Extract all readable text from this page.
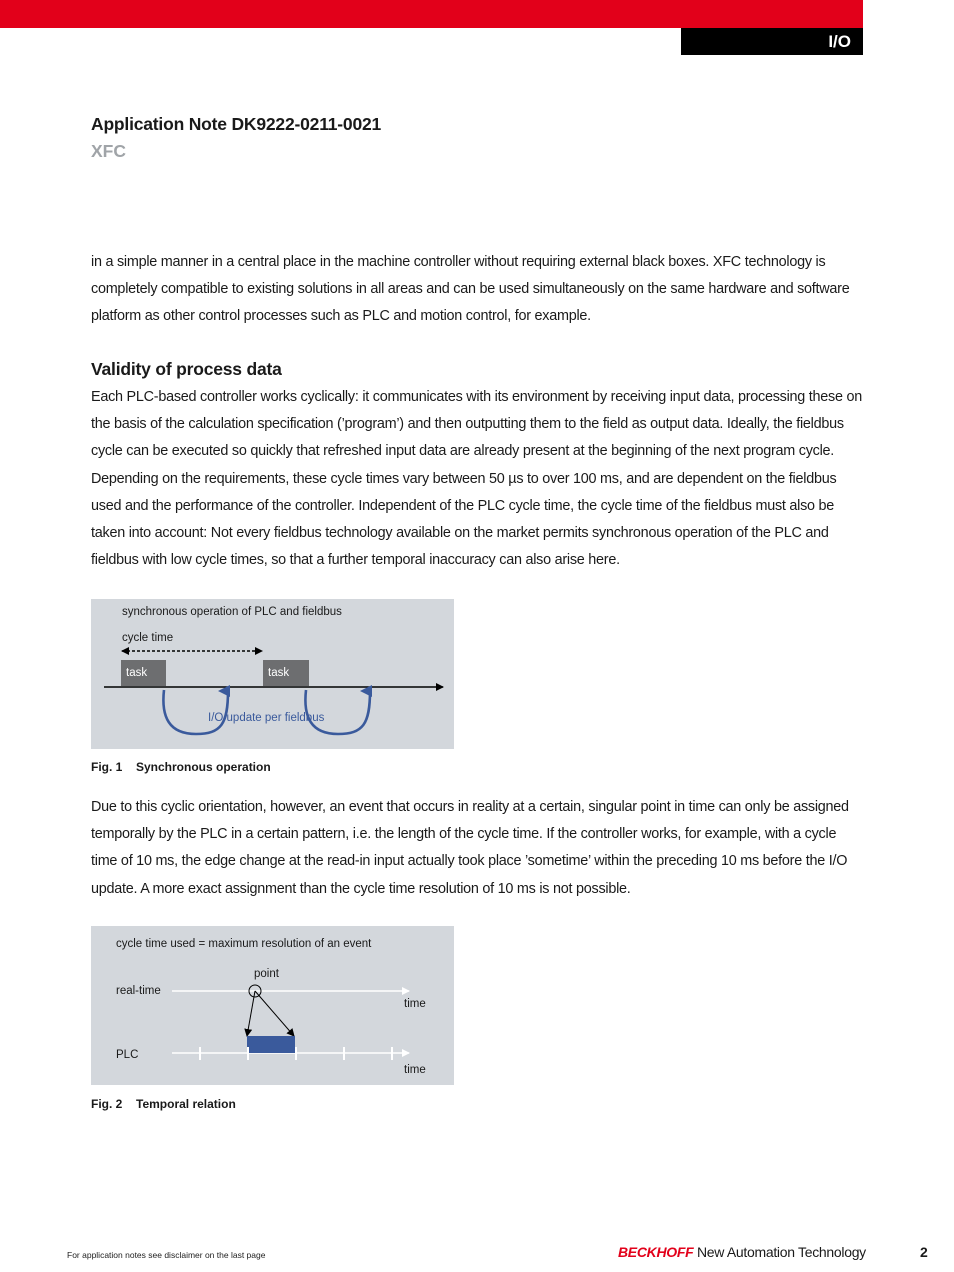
I/O
Application Note DK9222-0211-0021
XFC

in a simple manner in a central place in the machine controller without requiring external black boxes. XFC technology is completely compatible to existing solutions in all areas and can be used simultaneously on the same hardware and software platform as other control processes such as PLC and motion control, for example.

Validity of process data

Each PLC-based controller works cyclically: it communicates with its environment by receiving input data, processing these on the basis of the calculation specification (’program’) and then outputting them to the field as output data. Ideally, the fieldbus cycle can be executed so quickly that refreshed input data are already present at the beginning of the next program cycle. Depending on the requirements, these cycle times vary between 50 µs to over 100 ms, and are dependent on the fieldbus used and the performance of the controller. Independent of the PLC cycle time, the cycle time of the fieldbus must also be taken into account: Not every fieldbus technology available on the market permits synchronous operation of the PLC and fieldbus with low cycle times, so that a further temporal inaccuracy can also arise here.

synchronous operation of PLC and fieldbus
cycle time
task	task
I/O update per fieldbus
Fig. 1 Synchronous operation

Due to this cyclic orientation, however, an event that occurs in reality at a certain, singular point in time can only be assigned temporally by the PLC in a certain pattern, i.e. the length of the cycle time. If the controller works, for example, with a cycle time of 10 ms, the edge change at the read-in input actually took place ’sometime’ within the preceding 10 ms before the I/O update. A more exact assignment than the cycle time resolution of 10 ms is not possible.

cycle time used = maximum resolution of an event
point
real-time
time
PLC
time
Fig. 2 Temporal relation
For application notes see disclaimer on the last page	BECKHOFF New Automation Technology	2
